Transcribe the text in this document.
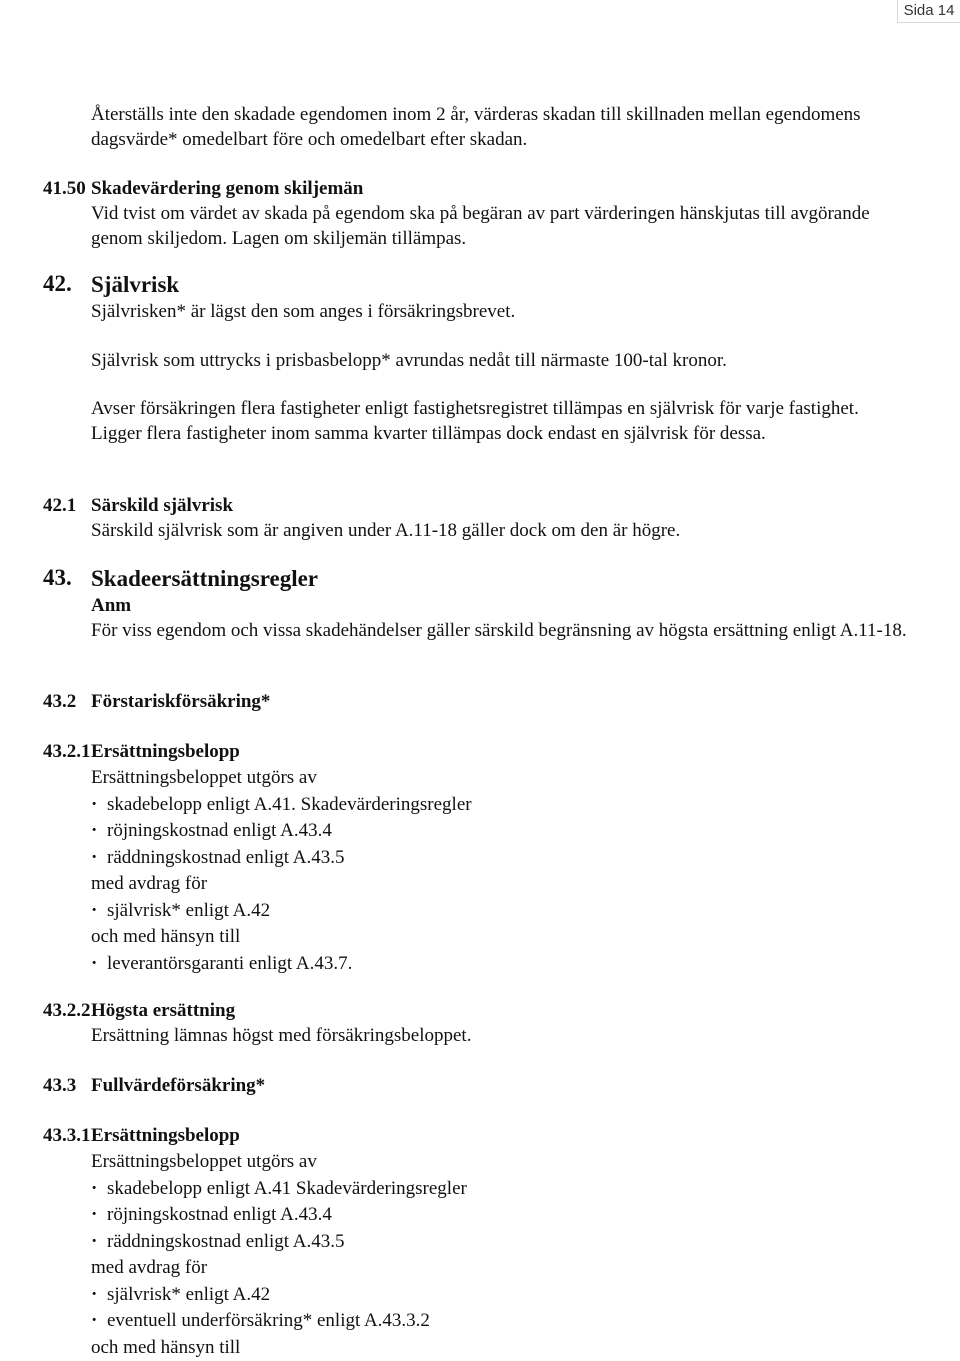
Sida 14

Återställs inte den skadade egendomen inom 2 år, värderas skadan till skillnaden mellan egendomens dagsvärde* omedelbart före och omedelbart efter skadan.

41.50 Skadevärdering genom skiljemän

Vid tvist om värdet av skada på egendom ska på begäran av part värderingen hänskjutas till avgörande genom skiljedom. Lagen om skiljemän tillämpas.

42. Självrisk

Självrisken* är lägst den som anges i försäkringsbrevet.

Självrisk som uttrycks i prisbasbelopp* avrundas nedåt till närmaste 100-tal kronor.

Avser försäkringen flera fastigheter enligt fastighetsregistret tillämpas en självrisk för varje fastighet. Ligger flera fastigheter inom samma kvarter tillämpas dock endast en självrisk för dessa.

42.1 Särskild självrisk

Särskild självrisk som är angiven under A.11-18 gäller dock om den är högre.

43. Skadeersättningsregler

Anm

För viss egendom och vissa skadehändelser gäller särskild begränsning av högsta ersättning enligt A.11-18.

43.2 Förstariskförsäkring*

43.2.1 Ersättningsbelopp

Ersättningsbeloppet utgörs av

· skadebelopp enligt A.41. Skadevärderingsregler
· röjningskostnad enligt A.43.4
· räddningskostnad enligt A.43.5

med avdrag för

· självrisk* enligt A.42

och med hänsyn till

· leverantörsgaranti enligt A.43.7.
43.2.2 Högsta ersättning

Ersättning lämnas högst med försäkringsbeloppet.

43.3 Fullvärdeförsäkring*

43.3.1 Ersättningsbelopp

Ersättningsbeloppet utgörs av

· skadebelopp enligt A.41 Skadevärderingsregler
· röjningskostnad enligt A.43.4
· räddningskostnad enligt A.43.5

med avdrag för

· självrisk* enligt A.42
· eventuell underförsäkring* enligt A.43.3.2

och med hänsyn till
